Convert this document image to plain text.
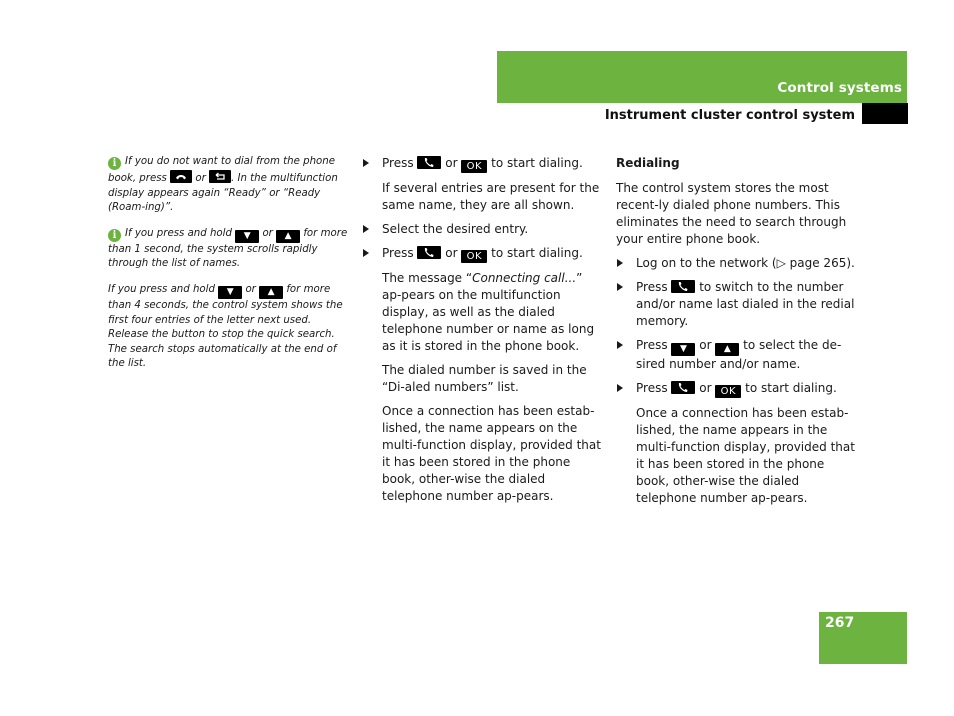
Control systems
Instrument cluster control system

i If you do not want to dial from the phone book, press
or
. In the multifunction display appears again “Ready” or “Ready (Roam-ing)”.

i If you press and hold ▼ or ▲ for more than 1 second, the system scrolls rapidly through the list of names.

If you press and hold ▼ or ▲ for more than 4 seconds, the control system shows the first four entries of the letter next used. Release the button to stop the quick search. The search stops automatically at the end of the list.

Press
or OK to start dialing.

If several entries are present for the same name, they are all shown.

Select the desired entry.
Press
or OK to start dialing.

The message “Connecting call...” ap-pears on the multifunction display, as well as the dialed telephone number or name as long as it is stored in the phone book.

The dialed number is saved in the “Di-aled numbers” list.

Once a connection has been estab-lished, the name appears on the multi-function display, provided that it has been stored in the phone book, other-wise the dialed telephone number ap-pears.

Redialing

The control system stores the most recent-ly dialed phone numbers. This eliminates the need to search through your entire phone book.

Log on to the network (▷ page 265).
Press
to switch to the number and/or name last dialed in the redial memory.
Press ▼ or ▲ to select the de-sired number and/or name.
Press
or OK to start dialing.

Once a connection has been estab-lished, the name appears in the multi-function display, provided that it has been stored in the phone book, other-wise the dialed telephone number ap-pears.

267
